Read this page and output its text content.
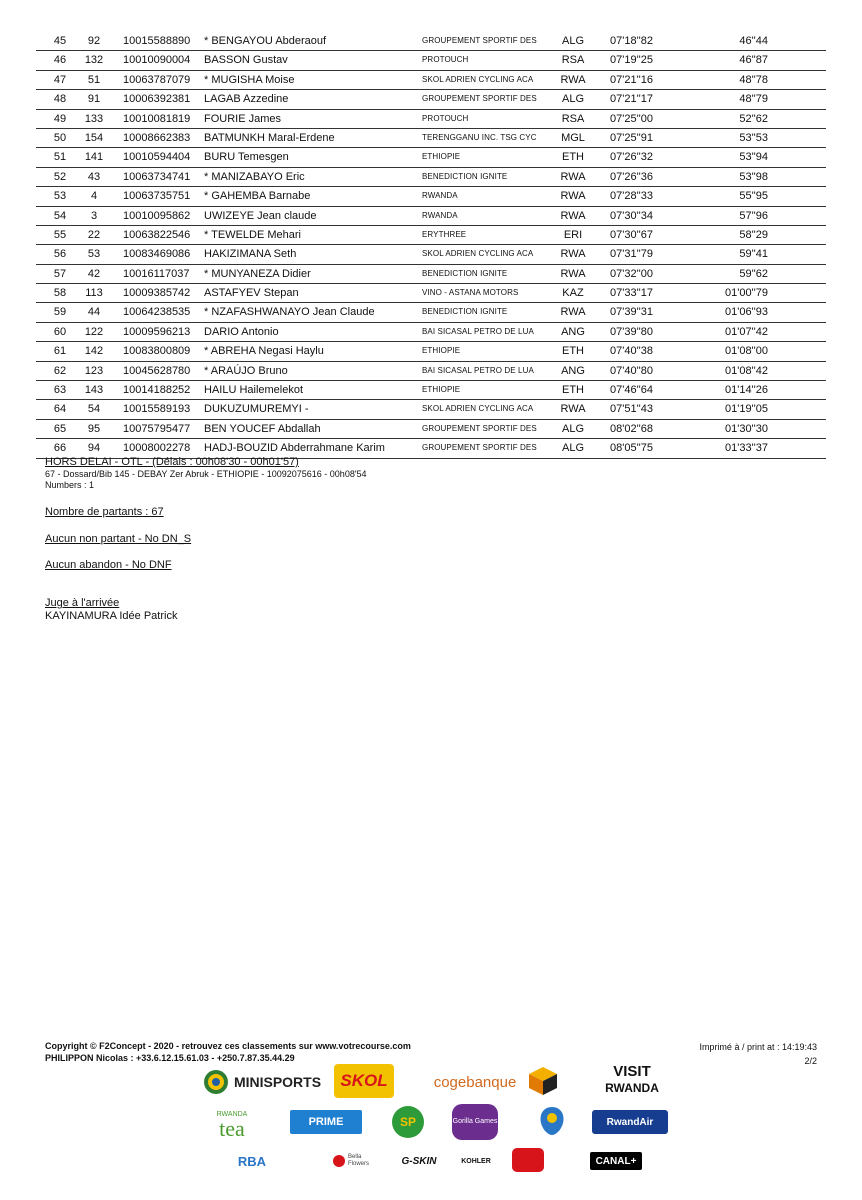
45	92	10015588890 * BENGAYOU Abderaouf	GROUPEMENT SPORTIF DES	ALG	07'18''82	46''44
46	132	10010090004 BASSON Gustav	PROTOUCH	RSA	07'19''25	46''87
47	51	10063787079 * MUGISHA Moise	SKOL ADRIEN CYCLING ACA RWA 07'21''16	48''78
48	91	10006392381 LAGAB Azzedine	GROUPEMENT SPORTIF DES	ALG	07'21''17	48''79
49	133	10010081819 FOURIE James	PROTOUCH	RSA	07'25''00	52''62
50	154	10008662383 BATMUNKH Maral-Erdene	TERENGGANU INC. TSG CYC MGL 07'25''91	53''53
51	141	10010594404 BURU Temesgen	ETHIOPIE	ETH	07'26''32	53''94
52	43	10063734741 * MANIZABAYO Eric	BENEDICTION IGNITE	RWA 07'26''36	53''98
53	4	10063735751 * GAHEMBA Barnabe	RWANDA	RWA 07'28''33	55''95
54	3	10010095862 UWIZEYE Jean claude	RWANDA	RWA 07'30''34	57''96
55	22	10063822546 * TEWELDE Mehari	ERYTHREE	ERI	07'30''67	58''29
56	53	10083469086 HAKIZIMANA Seth	SKOL ADRIEN CYCLING ACA RWA 07'31''79	59''41
57	42	10016117037 * MUNYANEZA Didier	BENEDICTION IGNITE	RWA 07'32''00	59''62
58	113	10009385742 ASTAFYEV Stepan	VINO - ASTANA MOTORS	KAZ	07'33''17	01'00''79
59	44	10064238535 * NZAFASHWANAYO Jean Claude	BENEDICTION IGNITE	RWA 07'39''31	01'06''93
60	122	10009596213 DARIO Antonio	BAI SICASAL PETRO DE LUA ANG 07'39''80	01'07''42
61	142	10083800809 * ABREHA Negasi Haylu	ETHIOPIE	ETH	07'40''38	01'08''00
62	123	10045628780 * ARAÚJO Bruno	BAI SICASAL PETRO DE LUA ANG 07'40''80	01'08''42
63	143	10014188252 HAILU Hailemelekot	ETHIOPIE	ETH	07'46''64	01'14''26
64	54	10015589193 DUKUZUMUREMYI -	SKOL ADRIEN CYCLING ACA RWA 07'51''43	01'19''05
65	95	10075795477 BEN YOUCEF Abdallah	GROUPEMENT SPORTIF DES	ALG	08'02''68	01'30''30
66	94	10008002278 HADJ-BOUZID Abderrahmane Karim	GROUPEMENT SPORTIF DES	ALG	08'05''75	01'33''37
HORS DELAI - OTL - (Délais : 00h08'30 - 00h01'57)
67 - Dossard/Bib 145 - DEBAY Zer Abruk - ETHIOPIE - 10092075616 - 00h08'54
Numbers : 1
Nombre de partants : 67
Aucun non partant - No DN_S
Aucun abandon - No DNF
Juge à l'arrivée
KAYINAMURA Idée Patrick
Copyright © F2Concept - 2020 - retrouvez ces classements sur www.votrecourse.com
PHILIPPON Nicolas : +33.6.12.15.61.03 - +250.7.87.35.44.29
Imprimé à / print at : 14:19:43
2/2
MINISPORTS SKOL	cogebanque
VISIT
RWANDA
RWANDA
tea	PRIME	SP	Gorilla Games	RwandAir
RBA	Bella Flowers	G-SKIN	KOHLER	CANAL+
